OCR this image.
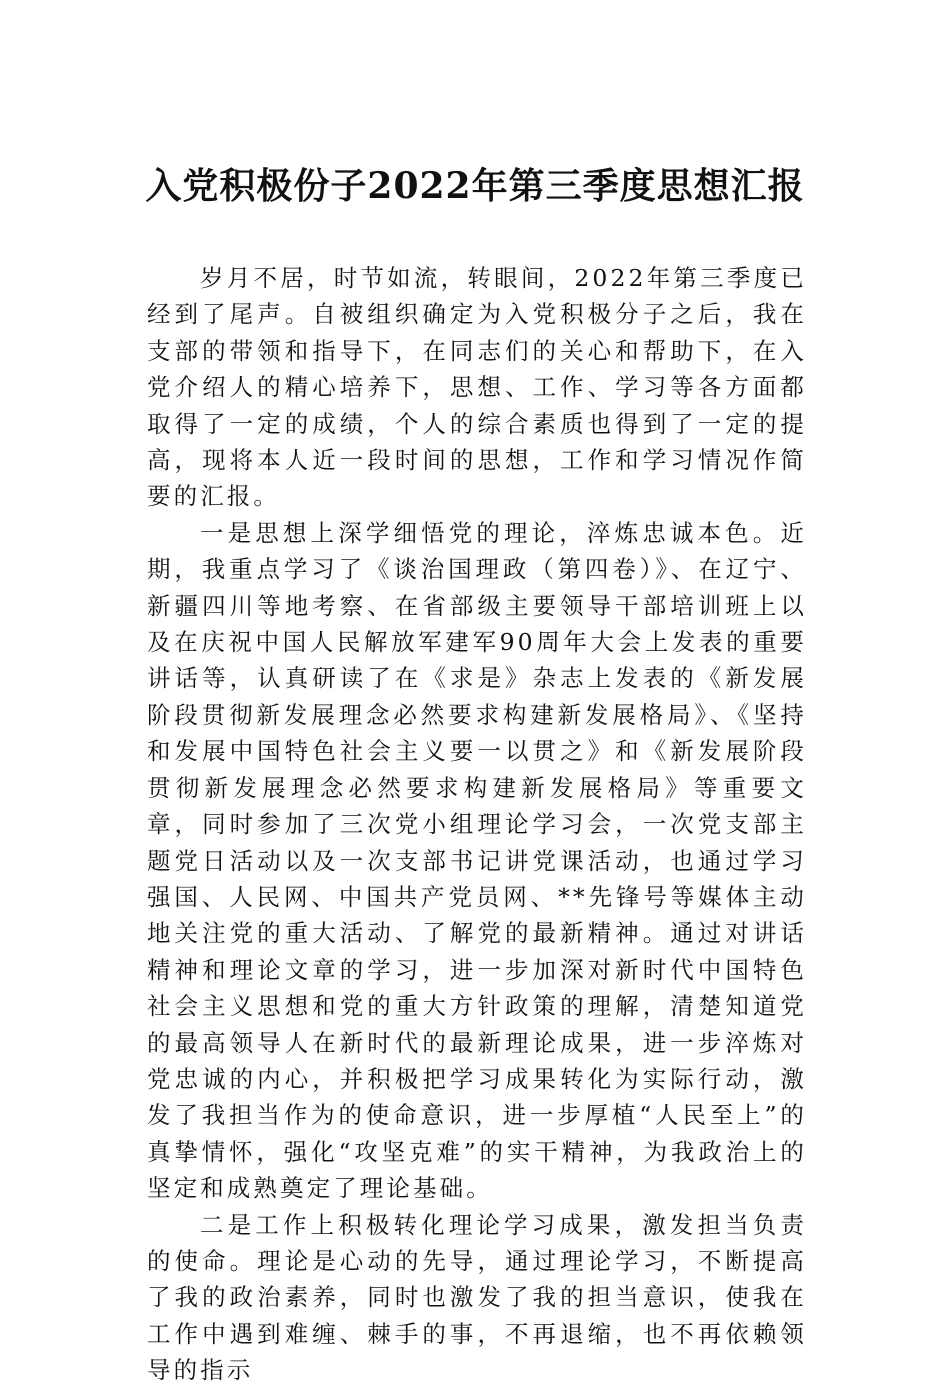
入党积极份子2022年第三季度思想汇报

岁月不居，时节如流，转眼间，2022年第三季度已经到了尾声。自被组织确定为入党积极分子之后，我在支部的带领和指导下，在同志们的关心和帮助下，在入党介绍人的精心培养下，思想、工作、学习等各方面都取得了一定的成绩，个人的综合素质也得到了一定的提高，现将本人近一段时间的思想，工作和学习情况作简要的汇报。

一是思想上深学细悟党的理论，淬炼忠诚本色。近期，我重点学习了《谈治国理政（第四卷）》、在辽宁、新疆四川等地考察、在省部级主要领导干部培训班上以及在庆祝中国人民解放军建军90周年大会上发表的重要讲话等，认真研读了在《求是》杂志上发表的《新发展阶段贯彻新发展理念必然要求构建新发展格局》、《坚持和发展中国特色社会主义要一以贯之》和《新发展阶段贯彻新发展理念必然要求构建新发展格局》等重要文章，同时参加了三次党小组理论学习会，一次党支部主题党日活动以及一次支部书记讲党课活动，也通过学习强国、人民网、中国共产党员网、**先锋号等媒体主动地关注党的重大活动、了解党的最新精神。通过对讲话精神和理论文章的学习，进一步加深对新时代中国特色社会主义思想和党的重大方针政策的理解，清楚知道党的最高领导人在新时代的最新理论成果，进一步淬炼对党忠诚的内心，并积极把学习成果转化为实际行动，激发了我担当作为的使命意识，进一步厚植“人民至上”的真挚情怀，强化“攻坚克难”的实干精神，为我政治上的坚定和成熟奠定了理论基础。

二是工作上积极转化理论学习成果，激发担当负责的使命。理论是心动的先导，通过理论学习，不断提高了我的政治素养，同时也激发了我的担当意识，使我在工作中遇到难缠、棘手的事，不再退缩，也不再依赖领导的指示
